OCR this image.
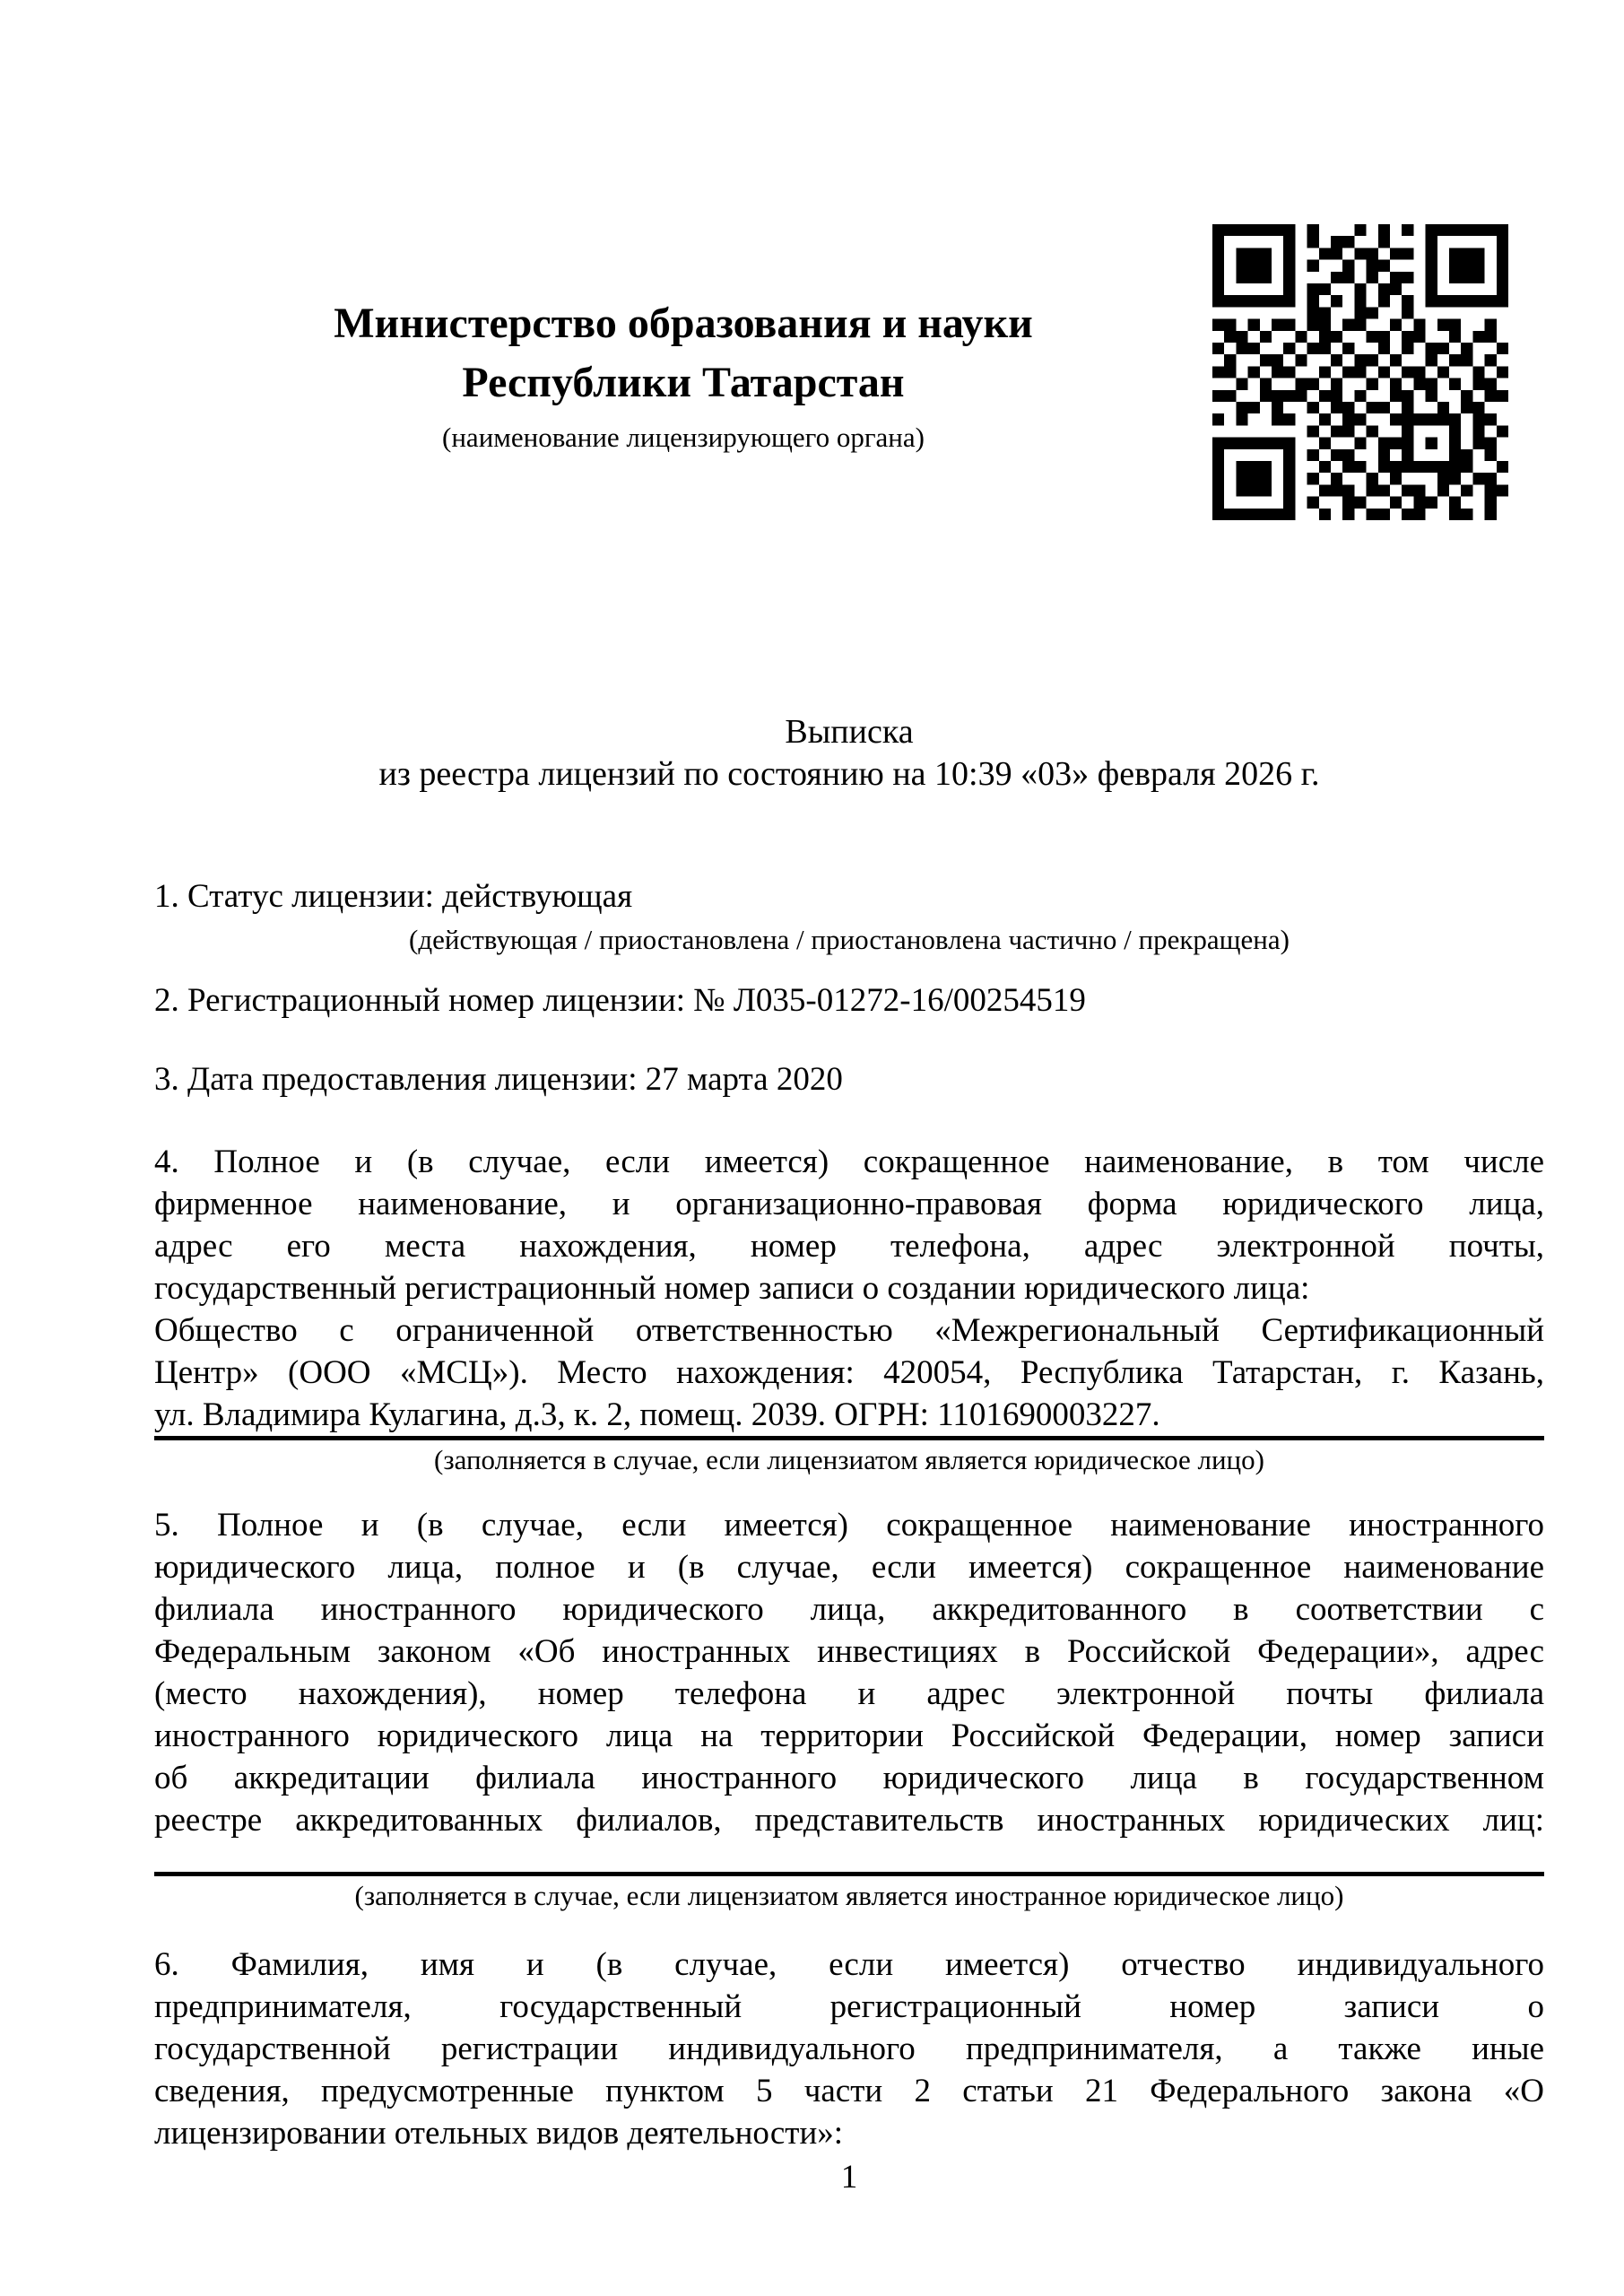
Министерство образования и науки
Республики Татарстан
(наименование лицензирующего органа)
Выписка
из реестра лицензий по состоянию на 10:39 «03» февраля 2026 г.
1. Статус лицензии: действующая
(действующая / приостановлена / приостановлена частично / прекращена)
2. Регистрационный номер лицензии: № Л035-01272-16/00254519
3. Дата предоставления лицензии: 27 марта 2020
4. Полное и (в случае, если имеется) сокращенное наименование, в том числе
фирменное наименование, и организационно-правовая форма юридического лица,
адрес его места нахождения, номер телефона, адрес электронной почты,
государственный регистрационный номер записи о создании юридического лица:
Общество с ограниченной ответственностью «Межрегиональный Сертификационный
Центр» (ООО «МСЦ»). Место нахождения: 420054, Республика Татарстан, г. Казань,
ул. Владимира Кулагина, д.3, к. 2, помещ. 2039. ОГРН: 1101690003227.
(заполняется в случае, если лицензиатом является юридическое лицо)
5. Полное и (в случае, если имеется) сокращенное наименование иностранного
юридического лица, полное и (в случае, если имеется) сокращенное наименование
филиала иностранного юридического лица, аккредитованного в соответствии с
Федеральным законом «Об иностранных инвестициях в Российской Федерации», адрес
(место нахождения), номер телефона и адрес электронной почты филиала
иностранного юридического лица на территории Российской Федерации, номер записи
об аккредитации филиала иностранного юридического лица в государственном
реестре аккредитованных филиалов, представительств иностранных юридических лиц:
(заполняется в случае, если лицензиатом является иностранное юридическое лицо)
6. Фамилия, имя и (в случае, если имеется) отчество индивидуального
предпринимателя, государственный регистрационный номер записи о
государственной регистрации индивидуального предпринимателя, а также иные
сведения, предусмотренные пунктом 5 части 2 статьи 21 Федерального закона «О
лицензировании отельных видов деятельности»:
1
